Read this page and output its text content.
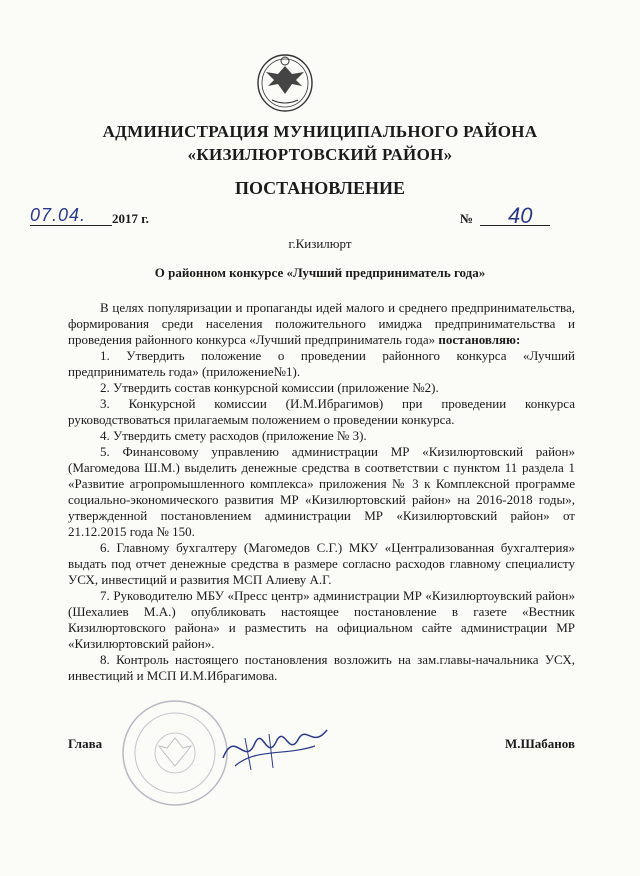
АДМИНИСТРАЦИЯ МУНИЦИПАЛЬНОГО РАЙОНА
«КИЗИЛЮРТОВСКИЙ РАЙОН»
ПОСТАНОВЛЕНИЕ
07.04. 2017 г.	№ 40
г.Кизилюрт
О районном конкурсе «Лучший предприниматель года»

В целях популяризации и пропаганды идей малого и среднего предпринимательства, формирования среди населения положительного имиджа предпринимательства и проведения районного конкурса «Лучший предприниматель года» постановляю:

1. Утвердить положение о проведении районного конкурса «Лучший предприниматель года» (приложение№1).

2. Утвердить состав конкурсной комиссии (приложение №2).

3. Конкурсной комиссии (И.М.Ибрагимов) при проведении конкурса руководствоваться прилагаемым положением о проведении конкурса.

4. Утвердить смету расходов (приложение № 3).

5. Финансовому управлению администрации МР «Кизилюртовский район» (Магомедова Ш.М.) выделить денежные средства в соответствии с пунктом 11 раздела 1 «Развитие агропромышленного комплекса» приложения № 3 к Комплексной программе социально-экономического развития МР «Кизилюртовский район» на 2016-2018 годы», утвержденной постановлением администрации МР «Кизилюртовский район» от 21.12.2015 года № 150.

6. Главному бухгалтеру (Магомедов С.Г.) МКУ «Централизованная бухгалтерия» выдать под отчет денежные средства в размере согласно расходов главному специалисту УСХ, инвестиций и развития МСП Алиеву А.Г.

7. Руководителю МБУ «Пресс центр» администрации МР «Кизилюртоувский район» (Шехалиев М.А.) опубликовать настоящее постановление в газете «Вестник Кизилюртовского района» и разместить на официальном сайте администрации МР «Кизилюртовский район».

8. Контроль настоящего постановления возложить на зам.главы-начальника УСХ, инвестиций и МСП И.М.Ибрагимова.

Глава	М.Шабанов
